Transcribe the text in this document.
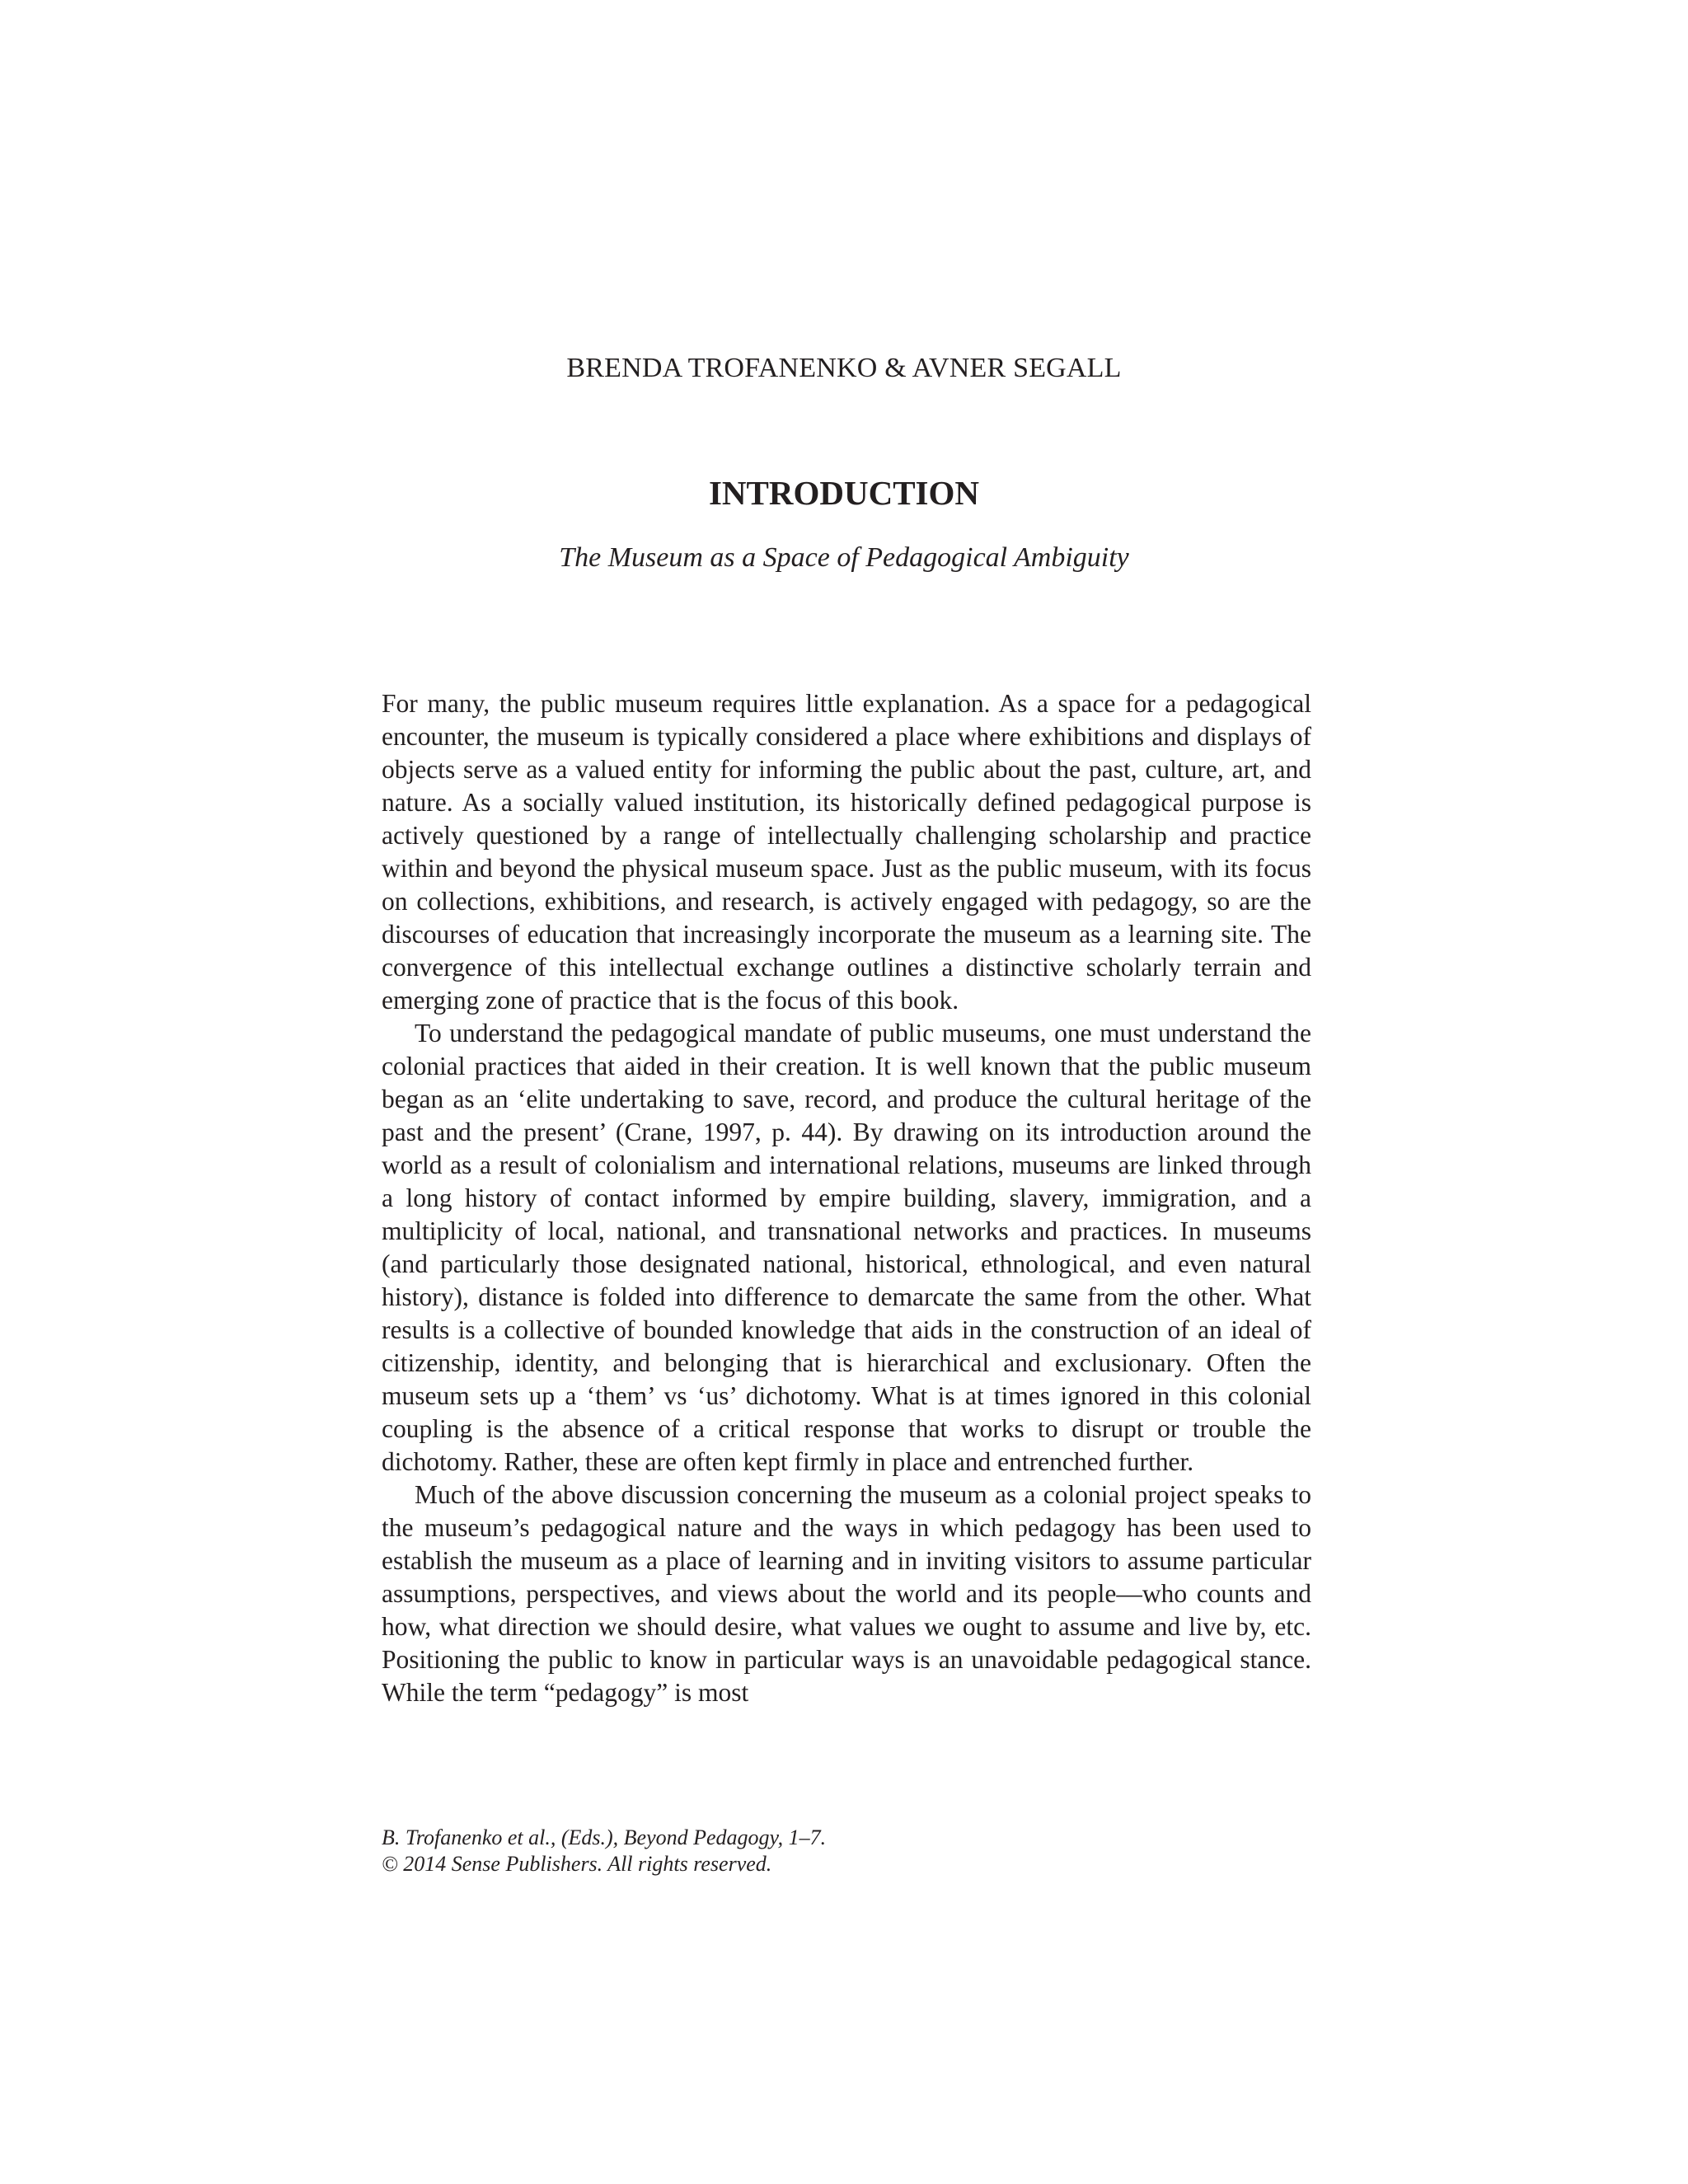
BRENDA TROFANENKO & AVNER SEGALL
INTRODUCTION
The Museum as a Space of Pedagogical Ambiguity

For many, the public museum requires little explanation. As a space for a pedagogical encounter, the museum is typically considered a place where exhibitions and displays of objects serve as a valued entity for informing the public about the past, culture, art, and nature. As a socially valued institution, its historically defined pedagogical purpose is actively questioned by a range of intellectually challenging scholarship and practice within and beyond the physical museum space. Just as the public museum, with its focus on collections, exhibitions, and research, is actively engaged with pedagogy, so are the discourses of education that increasingly incorporate the museum as a learning site. The convergence of this intellectual exchange outlines a distinctive scholarly terrain and emerging zone of practice that is the focus of this book.

To understand the pedagogical mandate of public museums, one must understand the colonial practices that aided in their creation. It is well known that the public museum began as an ‘elite undertaking to save, record, and produce the cultural heritage of the past and the present’ (Crane, 1997, p. 44). By drawing on its introduction around the world as a result of colonialism and international relations, museums are linked through a long history of contact informed by empire building, slavery, immigration, and a multiplicity of local, national, and transnational networks and practices. In museums (and particularly those designated national, historical, ethnological, and even natural history), distance is folded into difference to demarcate the same from the other. What results is a collective of bounded knowledge that aids in the construction of an ideal of citizenship, identity, and belonging that is hierarchical and exclusionary. Often the museum sets up a ‘them’ vs ‘us’ dichotomy. What is at times ignored in this colonial coupling is the absence of a critical response that works to disrupt or trouble the dichotomy. Rather, these are often kept firmly in place and entrenched further.

Much of the above discussion concerning the museum as a colonial project speaks to the museum’s pedagogical nature and the ways in which pedagogy has been used to establish the museum as a place of learning and in inviting visitors to assume particular assumptions, perspectives, and views about the world and its people—who counts and how, what direction we should desire, what values we ought to assume and live by, etc. Positioning the public to know in particular ways is an unavoidable pedagogical stance. While the term “pedagogy” is most

B. Trofanenko et al., (Eds.), Beyond Pedagogy, 1–7.
© 2014 Sense Publishers. All rights reserved.
